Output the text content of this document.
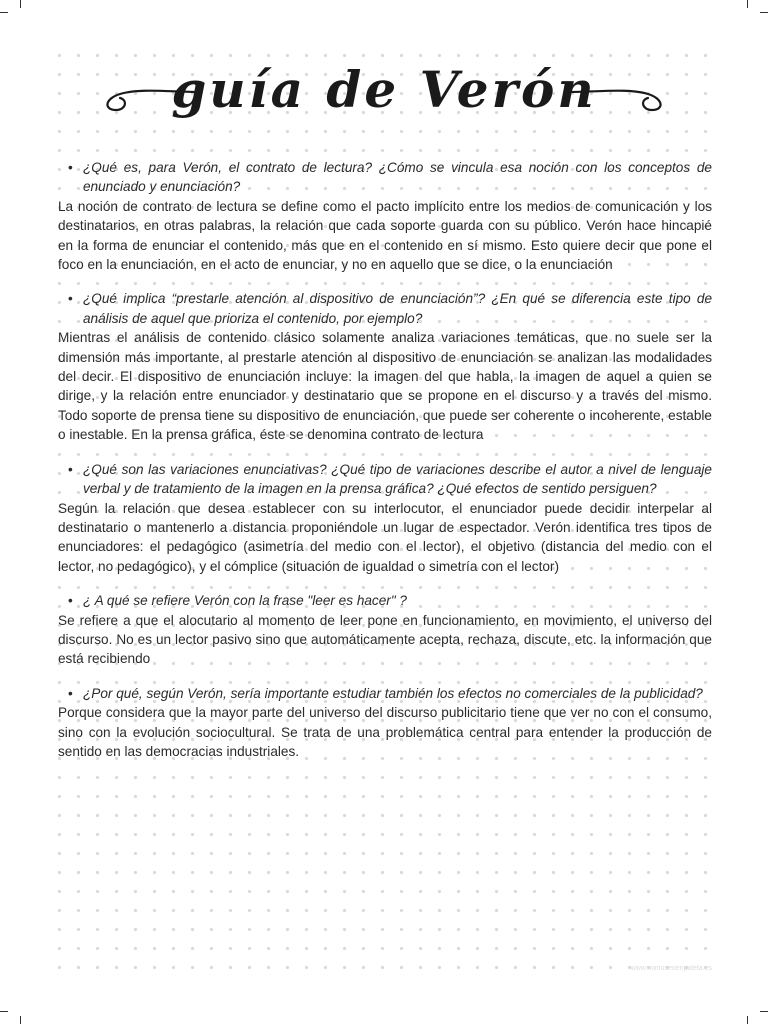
guía de Verón

• ¿Qué es, para Verón, el contrato de lectura? ¿Cómo se vincula esa noción con los conceptos de enunciado y enunciación?

La noción de contrato de lectura se define como el pacto implícito entre los medios de comunicación y los destinatarios, en otras palabras, la relación que cada soporte guarda con su público. Verón hace hincapié en la forma de enunciar el contenido, más que en el contenido en sí mismo. Esto quiere decir que pone el foco en la enunciación, en el acto de enunciar, y no en aquello que se dice, o la enunciación

• ¿Qué implica “prestarle atención al dispositivo de enunciación”? ¿En qué se diferencia este tipo de análisis de aquel que prioriza el contenido, por ejemplo?

Mientras el análisis de contenido clásico solamente analiza variaciones temáticas, que no suele ser la dimensión más importante, al prestarle atención al dispositivo de enunciación se analizan las modalidades del decir. El dispositivo de enunciación incluye: la imagen del que habla, la imagen de aquel a quien se dirige, y la relación entre enunciador y destinatario que se propone en el discurso y a través del mismo. Todo soporte de prensa tiene su dispositivo de enunciación, que puede ser coherente o incoherente, estable o inestable. En la prensa gráfica, éste se denomina contrato de lectura

• ¿Qué son las variaciones enunciativas? ¿Qué tipo de variaciones describe el autor a nivel de lenguaje verbal y de tratamiento de la imagen en la prensa gráfica? ¿Qué efectos de sentido persiguen?

Según la relación que desea establecer con su interlocutor, el enunciador puede decidir interpelar al destinatario o mantenerlo a distancia proponiéndole un lugar de espectador. Verón identifica tres tipos de enunciadores: el pedagógico (asimetría del medio con el lector), el objetivo (distancia del medio con el lector, no pedagógico), y el cómplice (situación de igualdad o simetría con el lector)

• ¿ A qué se refiere Verón con la frase "leer es hacer" ?

Se refiere a que el alocutario al momento de leer pone en funcionamiento, en movimiento, el universo del discurso. No es un lector pasivo sino que automáticamente acepta, rechaza, discute, etc. la información que está recibiendo

• ¿Por qué, según Verón, sería importante estudiar también los efectos no comerciales de la publicidad?

Porque considera que la mayor parte del universo del discurso publicitario tiene que ver no con el consumo, sino con la evolución sociocultural. Se trata de una problemática central para entender la producción de sentido en las democracias industriales.

www.mimuseoenpaleta.es
